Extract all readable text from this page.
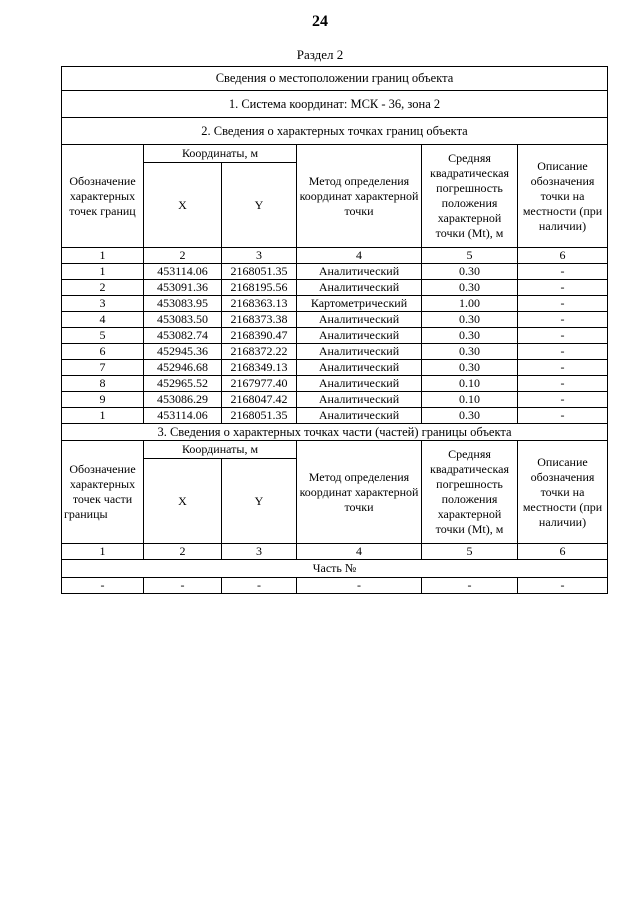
24
Раздел 2
Сведения о местоположении границ объекта					
1. Система координат: МСК - 36, зона 2					
2. Сведения о характерных точках границ объекта					
Обозначение характерных точек границ	Координаты, м		Метод определения координат характерной точки	Средняя квадратическая погрешность положения характерной точки (Mt), м	Описание обозначения точки на местности (при наличии)
	X	Y			
1	2	3	4	5	6
1	453114.06	2168051.35	Аналитический	0.30	-
2	453091.36	2168195.56	Аналитический	0.30	-
3	453083.95	2168363.13	Картометрический	1.00	-
4	453083.50	2168373.38	Аналитический	0.30	-
5	453082.74	2168390.47	Аналитический	0.30	-
6	452945.36	2168372.22	Аналитический	0.30	-
7	452946.68	2168349.13	Аналитический	0.30	-
8	452965.52	2167977.40	Аналитический	0.10	-
9	453086.29	2168047.42	Аналитический	0.10	-
1	453114.06	2168051.35	Аналитический	0.30	-
3. Сведения о характерных точках части (частей) границы объекта					
Обозначение характерных точек части границы	Координаты, м		Метод определения координат характерной точки	Средняя квадратическая погрешность положения характерной точки (Mt), м	Описание обозначения точки на местности (при наличии)
	X	Y			
1	2	3	4	5	6
Часть №					
-	-	-	-	-	-
